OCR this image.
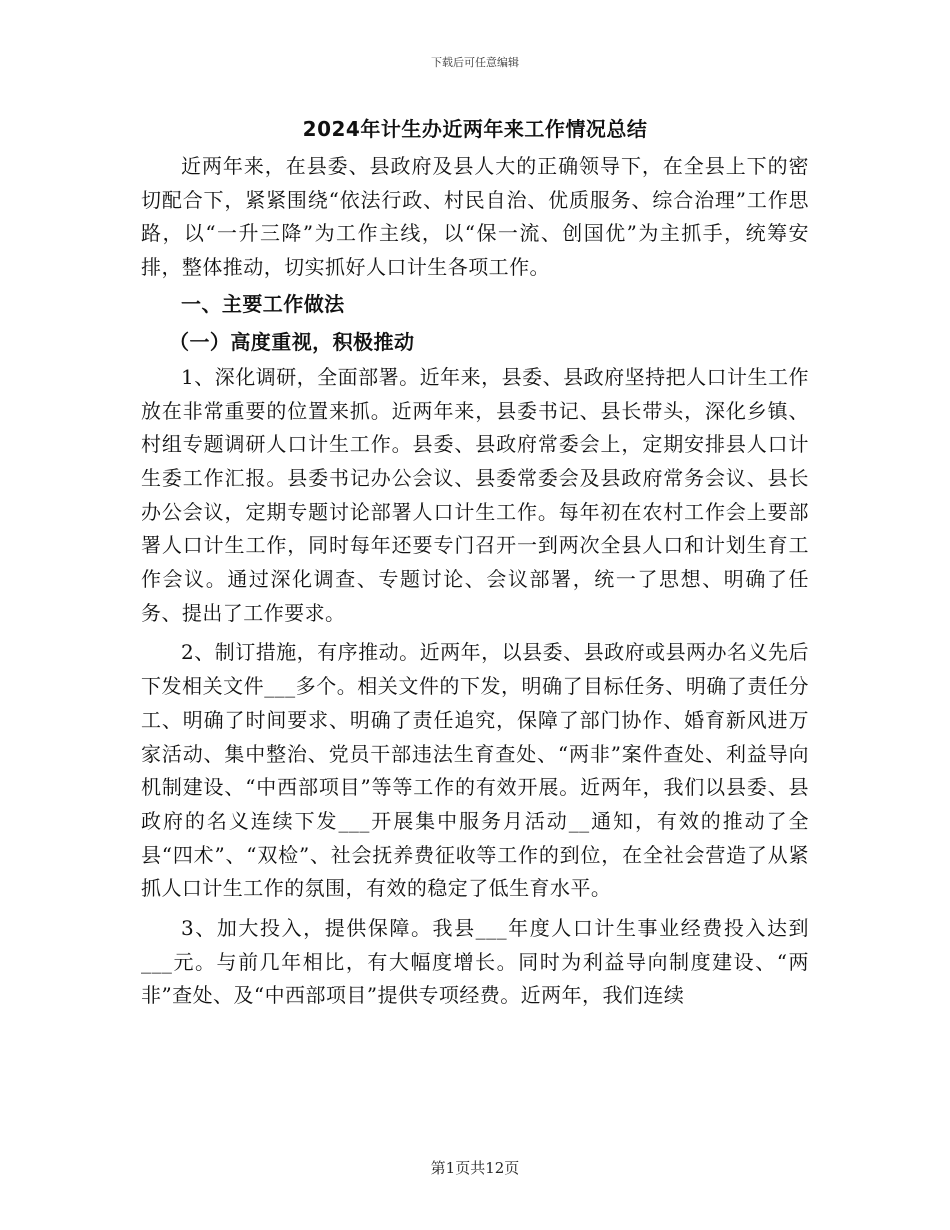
下载后可任意编辑
2024年计生办近两年来工作情况总结

近两年来，在县委、县政府及县人大的正确领导下，在全县上下的密切配合下，紧紧围绕“依法行政、村民自治、优质服务、综合治理”工作思路，以“一升三降”为工作主线，以“保一流、创国优”为主抓手，统筹安排，整体推动，切实抓好人口计生各项工作。

一、主要工作做法

（一）高度重视，积极推动

1、深化调研，全面部署。近年来，县委、县政府坚持把人口计生工作放在非常重要的位置来抓。近两年来，县委书记、县长带头，深化乡镇、村组专题调研人口计生工作。县委、县政府常委会上，定期安排县人口计生委工作汇报。县委书记办公会议、县委常委会及县政府常务会议、县长办公会议，定期专题讨论部署人口计生工作。每年初在农村工作会上要部署人口计生工作，同时每年还要专门召开一到两次全县人口和计划生育工作会议。通过深化调查、专题讨论、会议部署，统一了思想、明确了任务、提出了工作要求。

2、制订措施，有序推动。近两年，以县委、县政府或县两办名义先后下发相关文件___多个。相关文件的下发，明确了目标任务、明确了责任分工、明确了时间要求、明确了责任追究，保障了部门协作、婚育新风进万家活动、集中整治、党员干部违法生育查处、“两非”案件查处、利益导向机制建设、“中西部项目”等等工作的有效开展。近两年，我们以县委、县政府的名义连续下发___开展集中服务月活动__通知，有效的推动了全县“四术”、“双检”、社会抚养费征收等工作的到位，在全社会营造了从紧抓人口计生工作的氛围，有效的稳定了低生育水平。

3、加大投入，提供保障。我县___年度人口计生事业经费投入达到___元。与前几年相比，有大幅度增长。同时为利益导向制度建设、“两非”查处、及“中西部项目”提供专项经费。近两年，我们连续

第1页共12页
